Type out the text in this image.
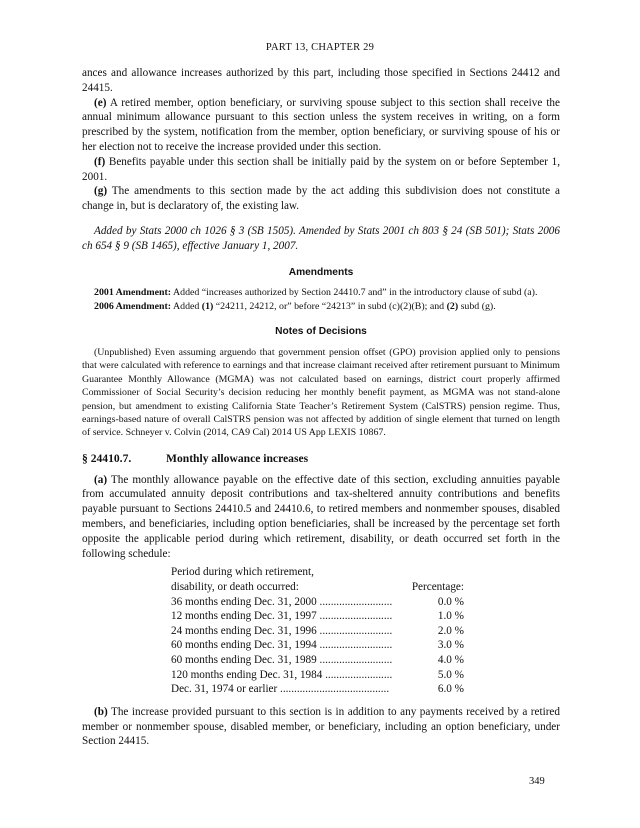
PART 13, CHAPTER 29

ances and allowance increases authorized by this part, including those specified in Sections 24412 and 24415.

(e) A retired member, option beneficiary, or surviving spouse subject to this section shall receive the annual minimum allowance pursuant to this section unless the system receives in writing, on a form prescribed by the system, notification from the member, option beneficiary, or surviving spouse of his or her election not to receive the increase provided under this section.

(f) Benefits payable under this section shall be initially paid by the system on or before September 1, 2001.

(g) The amendments to this section made by the act adding this subdivision does not constitute a change in, but is declaratory of, the existing law.

Added by Stats 2000 ch 1026 § 3 (SB 1505). Amended by Stats 2001 ch 803 § 24 (SB 501); Stats 2006 ch 654 § 9 (SB 1465), effective January 1, 2007.

Amendments

2001 Amendment: Added “increases authorized by Section 24410.7 and” in the introductory clause of subd (a).

2006 Amendment: Added (1) “24211, 24212, or” before “24213” in subd (c)(2)(B); and (2) subd (g).

Notes of Decisions

(Unpublished) Even assuming arguendo that government pension offset (GPO) provision applied only to pensions that were calculated with reference to earnings and that increase claimant received after retirement pursuant to Minimum Guarantee Monthly Allowance (MGMA) was not calculated based on earnings, district court properly affirmed Commissioner of Social Security’s decision reducing her monthly benefit payment, as MGMA was not stand-alone pension, but amendment to existing California State Teacher’s Retirement System (CalSTRS) pension regime. Thus, earnings-based nature of overall CalSTRS pension was not affected by addition of single element that turned on length of service. Schneyer v. Colvin (2014, CA9 Cal) 2014 US App LEXIS 10867.

§ 24410.7.	Monthly allowance increases

(a) The monthly allowance payable on the effective date of this section, excluding annuities payable from accumulated annuity deposit contributions and tax-sheltered annuity contributions and benefits payable pursuant to Sections 24410.5 and 24410.6, to retired members and nonmember spouses, disabled members, and beneficiaries, including option beneficiaries, shall be increased by the percentage set forth opposite the applicable period during which retirement, disability, or death occurred set forth in the following schedule:

Period during which retirement,	
disability, or death occurred:	Percentage:
36 months ending Dec. 31, 2000 ..........................	0.0 %
12 months ending Dec. 31, 1997 ..........................	1.0 %
24 months ending Dec. 31, 1996 ..........................	2.0 %
60 months ending Dec. 31, 1994 ..........................	3.0 %
60 months ending Dec. 31, 1989 ..........................	4.0 %
120 months ending Dec. 31, 1984 ........................	5.0 %
Dec. 31, 1974 or earlier .......................................	6.0 %

(b) The increase provided pursuant to this section is in addition to any payments received by a retired member or nonmember spouse, disabled member, or beneficiary, including an option beneficiary, under Section 24415.

349
